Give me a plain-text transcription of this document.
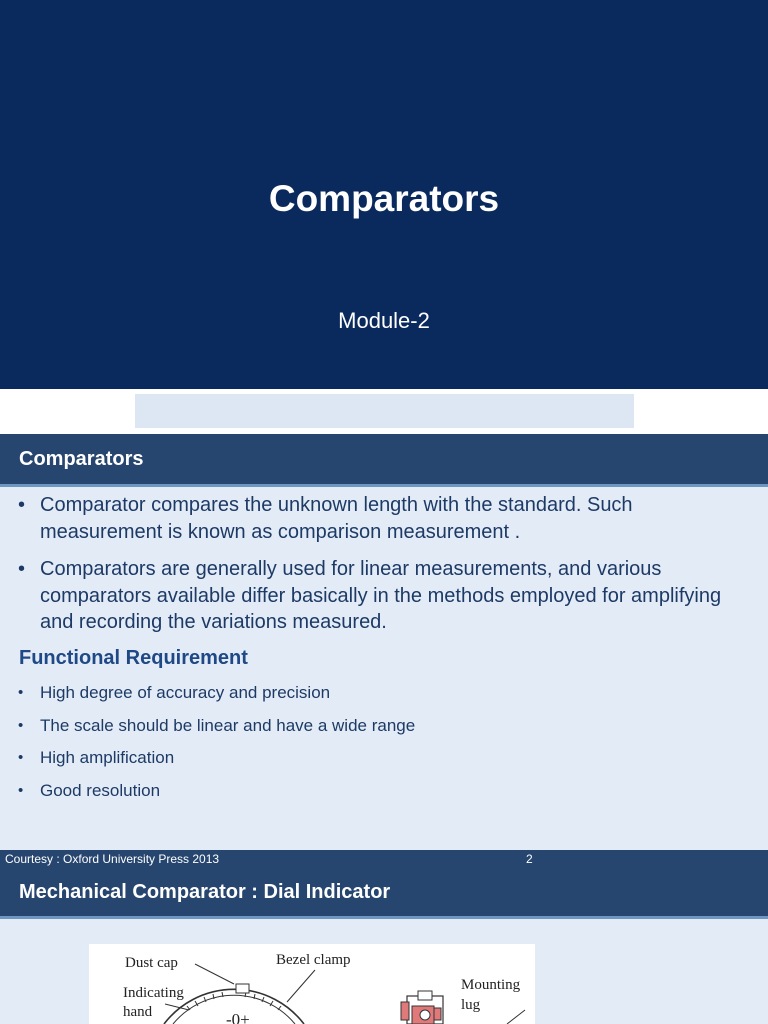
Comparators
Module-2
Comparators
• Comparator compares the unknown length with the standard. Such measurement is known as comparison measurement .
• Comparators are generally used for linear measurements, and various comparators available differ basically in the methods employed for amplifying and recording the variations measured.
Functional Requirement
• High degree of accuracy and precision
• The scale should be linear and have a wide range
• High amplification
• Good resolution
Courtesy : Oxford University Press 2013	2
Mechanical Comparator : Dial Indicator
Dust cap	Bezel clamp
Indicating
hand
Mounting
lug
-0+
